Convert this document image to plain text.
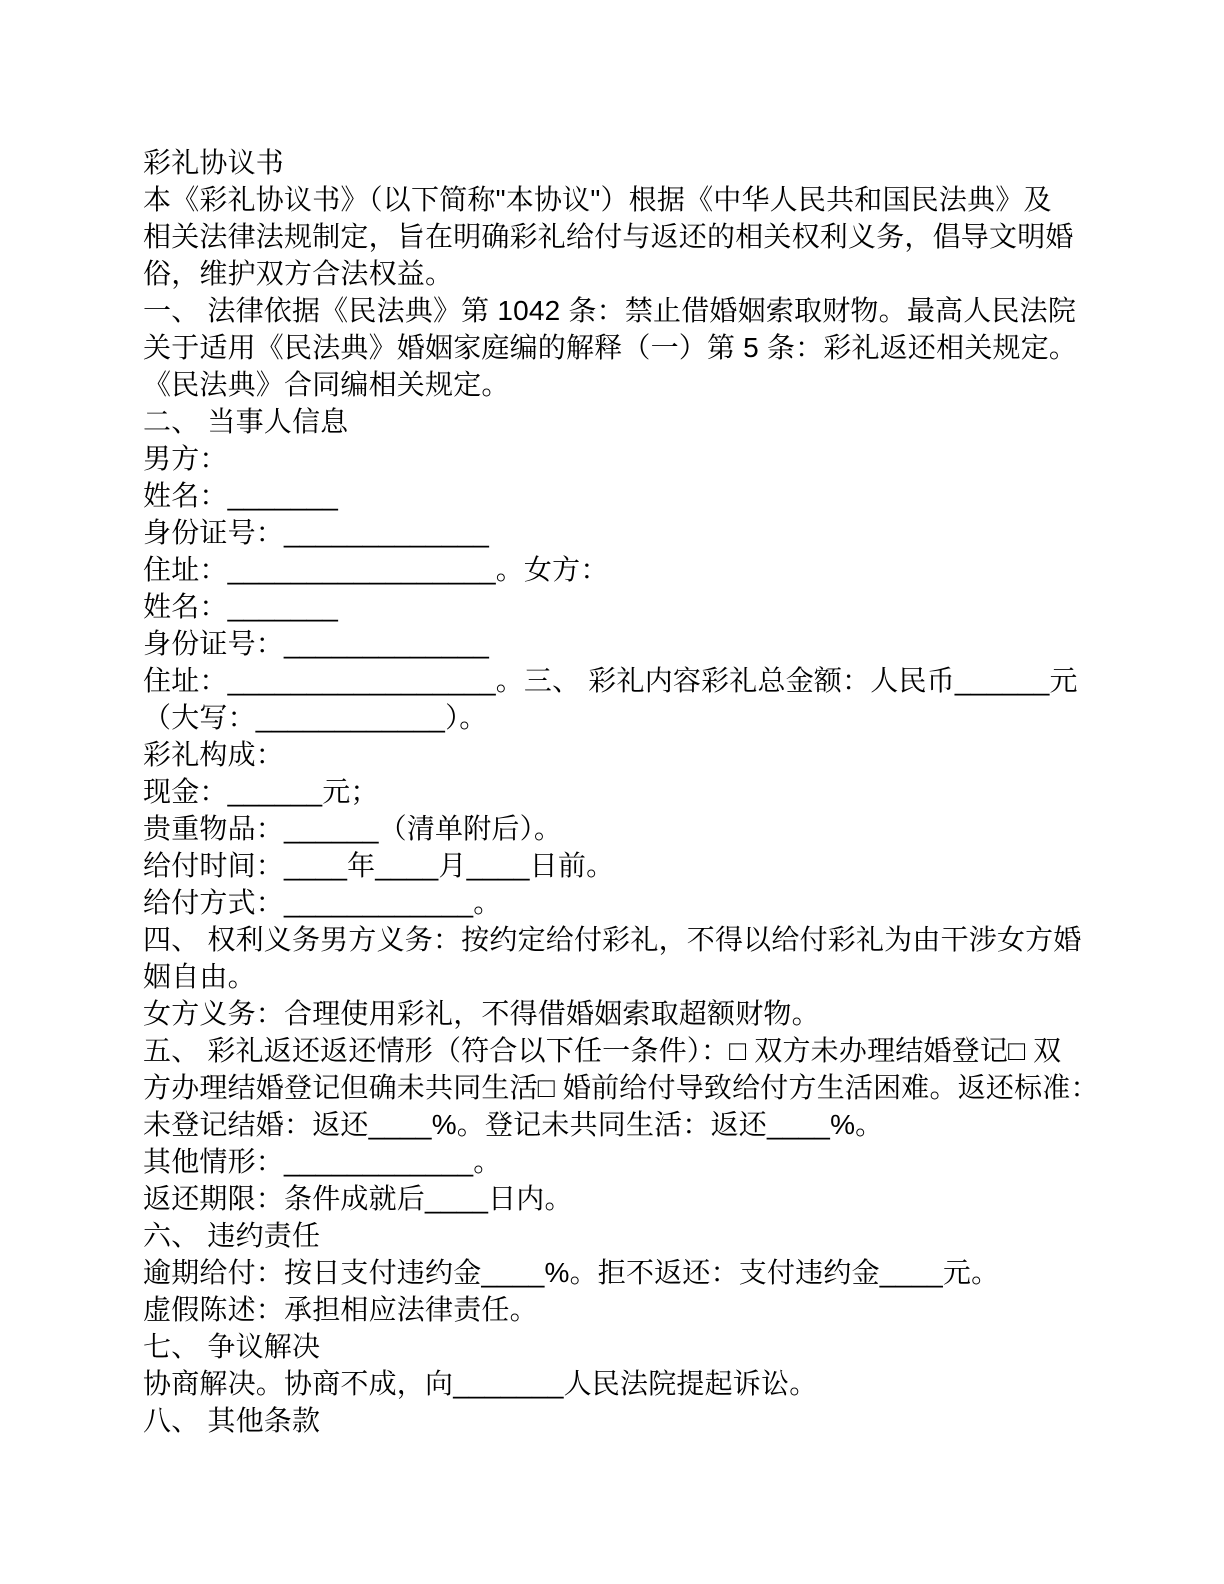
彩礼协议书
本《彩礼协议书》（以下简称"本协议"）根据《中华人民共和国民法典》及
相关法律法规制定，旨在明确彩礼给付与返还的相关权利义务，倡导文明婚
俗，维护双方合法权益。
一、 法律依据《民法典》第 1042 条：禁止借婚姻索取财物。最高人民法院
关于适用《民法典》婚姻家庭编的解释（一）第 5 条：彩礼返还相关规定。
《民法典》合同编相关规定。
二、 当事人信息
男方：
姓名：_______
身份证号：_____________
住址：_________________。女方：
姓名：_______
身份证号：_____________
住址：_________________。三、 彩礼内容彩礼总金额：人民币______元
（大写：____________）。
彩礼构成：
现金：______元；
贵重物品：______（清单附后）。
给付时间：____年____月____日前。
给付方式：____________。
四、 权利义务男方义务：按约定给付彩礼，不得以给付彩礼为由干涉女方婚
姻自由。
女方义务：合理使用彩礼，不得借婚姻索取超额财物。
五、 彩礼返还返还情形（符合以下任一条件）：□ 双方未办理结婚登记□ 双
方办理结婚登记但确未共同生活□ 婚前给付导致给付方生活困难。返还标准：
未登记结婚：返还____%。登记未共同生活：返还____%。
其他情形：____________。
返还期限：条件成就后____日内。
六、 违约责任
逾期给付：按日支付违约金____%。拒不返还：支付违约金____元。
虚假陈述：承担相应法律责任。
七、 争议解决
协商解决。协商不成，向_______人民法院提起诉讼。
八、 其他条款
